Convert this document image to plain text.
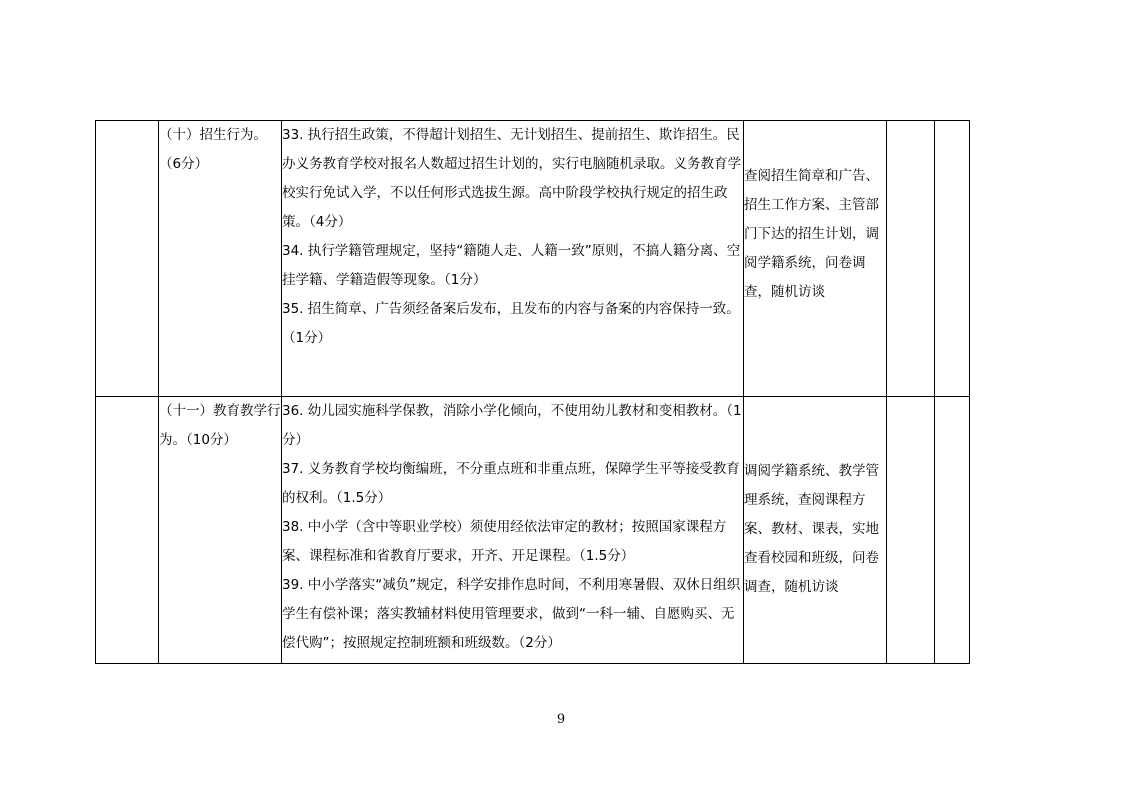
	（十）招生行为。（6分）	33. 执行招生政策，不得超计划招生、无计划招生、提前招生、欺诈招生。民办义务教育学校对报名人数超过招生计划的，实行电脑随机录取。义务教育学校实行免试入学，不以任何形式选拔生源。高中阶段学校执行规定的招生政策。（4分）
34. 执行学籍管理规定，坚持“籍随人走、人籍一致”原则，不搞人籍分离、空挂学籍、学籍造假等现象。（1分）
35. 招生简章、广告须经备案后发布，且发布的内容与备案的内容保持一致。（1分）	查阅招生简章和广告、招生工作方案、主管部门下达的招生计划，调阅学籍系统，问卷调查，随机访谈		
	（十一）教育教学行为。（10分）	36. 幼儿园实施科学保教，消除小学化倾向，不使用幼儿教材和变相教材。（1分）
37. 义务教育学校均衡编班，不分重点班和非重点班，保障学生平等接受教育的权利。（1.5分）
38. 中小学（含中等职业学校）须使用经依法审定的教材；按照国家课程方案、课程标准和省教育厅要求，开齐、开足课程。（1.5分）
39. 中小学落实“减负”规定，科学安排作息时间，不利用寒暑假、双休日组织学生有偿补课；落实教辅材料使用管理要求，做到“一科一辅、自愿购买、无偿代购”；按照规定控制班额和班级数。（2分）	调阅学籍系统、教学管理系统，查阅课程方案、教材、课表，实地查看校园和班级，问卷调查，随机访谈		
9
